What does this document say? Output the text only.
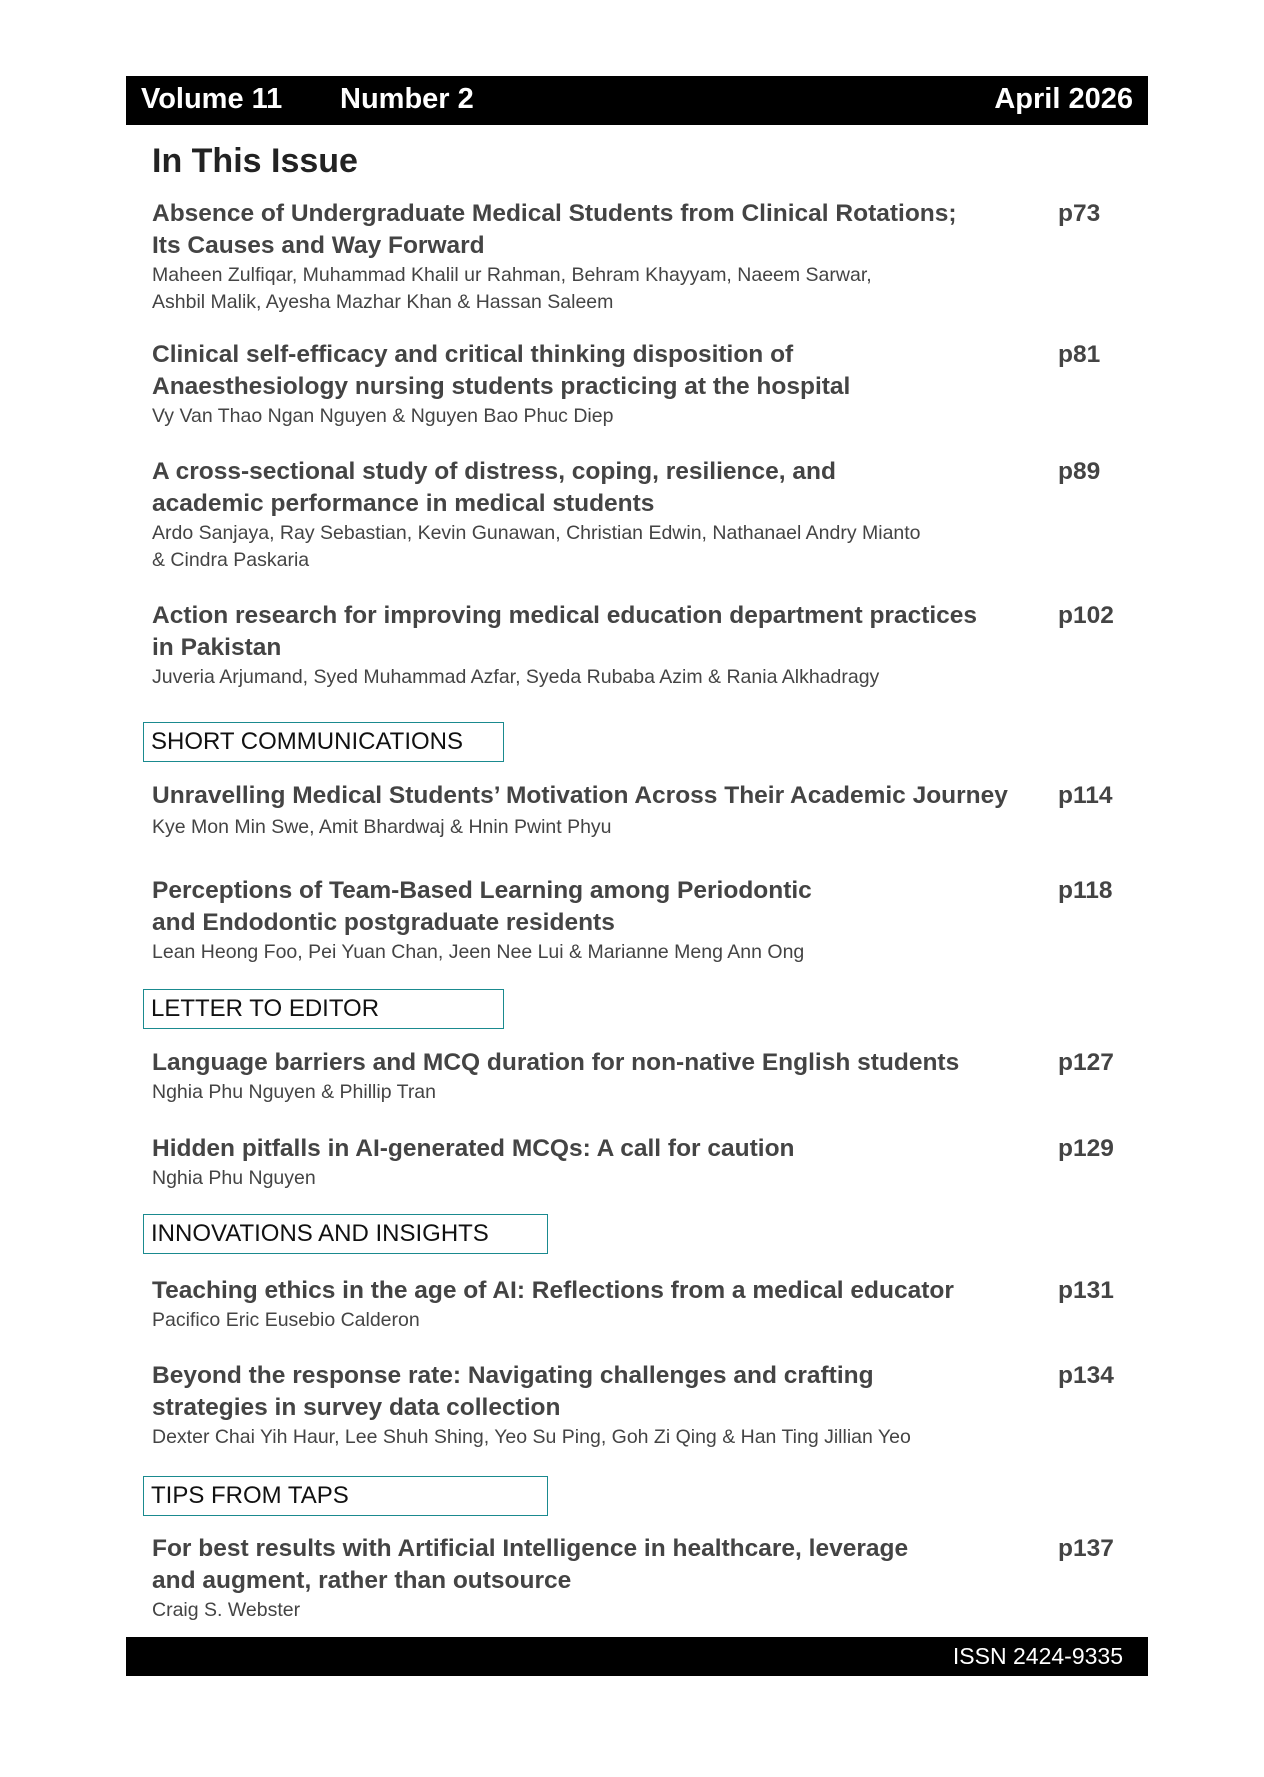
Volume 11 Number 2	April 2026
In This Issue
Absence of Undergraduate Medical Students from Clinical Rotations;
Its Causes and Way Forward
Maheen Zulfiqar, Muhammad Khalil ur Rahman, Behram Khayyam, Naeem Sarwar,
Ashbil Malik, Ayesha Mazhar Khan & Hassan Saleem
p73
Clinical self-efficacy and critical thinking disposition of
Anaesthesiology nursing students practicing at the hospital
Vy Van Thao Ngan Nguyen & Nguyen Bao Phuc Diep
p81
A cross-sectional study of distress, coping, resilience, and
academic performance in medical students
Ardo Sanjaya, Ray Sebastian, Kevin Gunawan, Christian Edwin, Nathanael Andry Mianto
& Cindra Paskaria
p89
Action research for improving medical education department practices
in Pakistan
Juveria Arjumand, Syed Muhammad Azfar, Syeda Rubaba Azim & Rania Alkhadragy
p102
SHORT COMMUNICATIONS
Unravelling Medical Students’ Motivation Across Their Academic Journey
Kye Mon Min Swe, Amit Bhardwaj & Hnin Pwint Phyu
p114
Perceptions of Team-Based Learning among Periodontic
and Endodontic postgraduate residents
Lean Heong Foo, Pei Yuan Chan, Jeen Nee Lui & Marianne Meng Ann Ong
p118
LETTER TO EDITOR
Language barriers and MCQ duration for non-native English students
Nghia Phu Nguyen & Phillip Tran
p127
Hidden pitfalls in AI-generated MCQs: A call for caution
Nghia Phu Nguyen
p129
INNOVATIONS AND INSIGHTS
Teaching ethics in the age of AI: Reflections from a medical educator
Pacifico Eric Eusebio Calderon
p131
Beyond the response rate: Navigating challenges and crafting
strategies in survey data collection
Dexter Chai Yih Haur, Lee Shuh Shing, Yeo Su Ping, Goh Zi Qing & Han Ting Jillian Yeo
p134
TIPS FROM TAPS
For best results with Artificial Intelligence in healthcare, leverage
and augment, rather than outsource
Craig S. Webster
p137
ISSN 2424-9335
